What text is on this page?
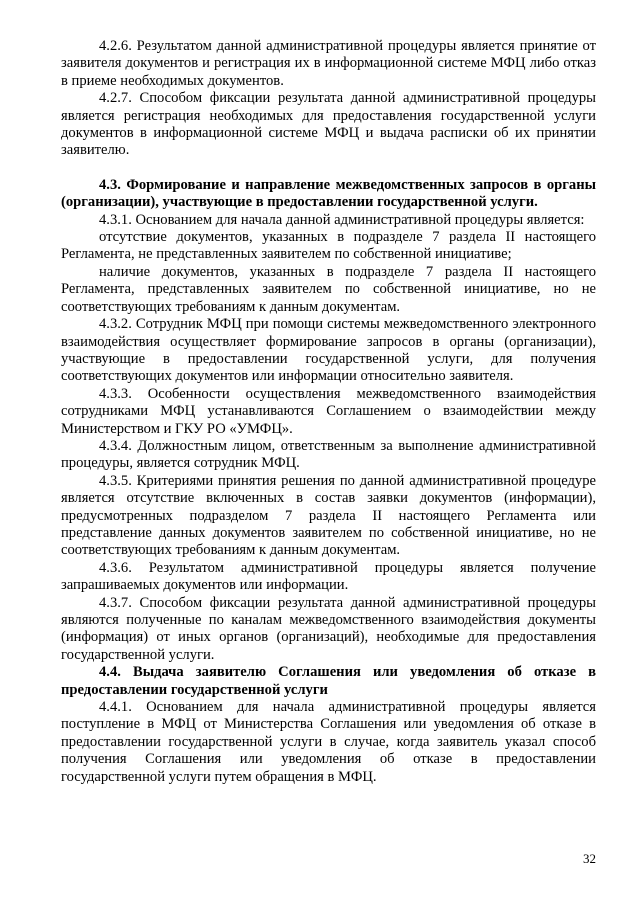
4.2.6. Результатом данной административной процедуры является принятие от заявителя документов и регистрация их в информационной системе МФЦ либо отказ в приеме необходимых документов.

4.2.7. Способом фиксации результата данной административной процедуры является регистрация необходимых для предоставления государственной услуги документов в информационной системе МФЦ и выдача расписки об их принятии заявителю.

4.3. Формирование и направление межведомственных запросов в органы (организации), участвующие в предоставлении государственной услуги.

4.3.1. Основанием для начала данной административной процедуры является:

отсутствие документов, указанных в подразделе 7 раздела II настоящего Регламента, не представленных заявителем по собственной инициативе;

наличие документов, указанных в подразделе 7 раздела II настоящего Регламента, представленных заявителем по собственной инициативе, но не соответствующих требованиям к данным документам.

4.3.2. Сотрудник МФЦ при помощи системы межведомственного электронного взаимодействия осуществляет формирование запросов в органы (организации), участвующие в предоставлении государственной услуги, для получения соответствующих документов или информации относительно заявителя.

4.3.3. Особенности осуществления межведомственного взаимодействия сотрудниками МФЦ устанавливаются Соглашением о взаимодействии между Министерством и ГКУ РО «УМФЦ».

4.3.4. Должностным лицом, ответственным за выполнение административной процедуры, является сотрудник МФЦ.

4.3.5. Критериями принятия решения по данной административной процедуре является отсутствие включенных в состав заявки документов (информации), предусмотренных подразделом 7 раздела II настоящего Регламента или представление данных документов заявителем по собственной инициативе, но не соответствующих требованиям к данным документам.

4.3.6. Результатом административной процедуры является получение запрашиваемых документов или информации.

4.3.7. Способом фиксации результата данной административной процедуры являются полученные по каналам межведомственного взаимодействия документы (информация) от иных органов (организаций), необходимые для предоставления государственной услуги.

4.4. Выдача заявителю Соглашения или уведомления об отказе в предоставлении государственной услуги

4.4.1. Основанием для начала административной процедуры является поступление в МФЦ от Министерства Соглашения или уведомления об отказе в предоставлении государственной услуги в случае, когда заявитель указал способ получения Соглашения или уведомления об отказе в предоставлении государственной услуги путем обращения в МФЦ.

32
